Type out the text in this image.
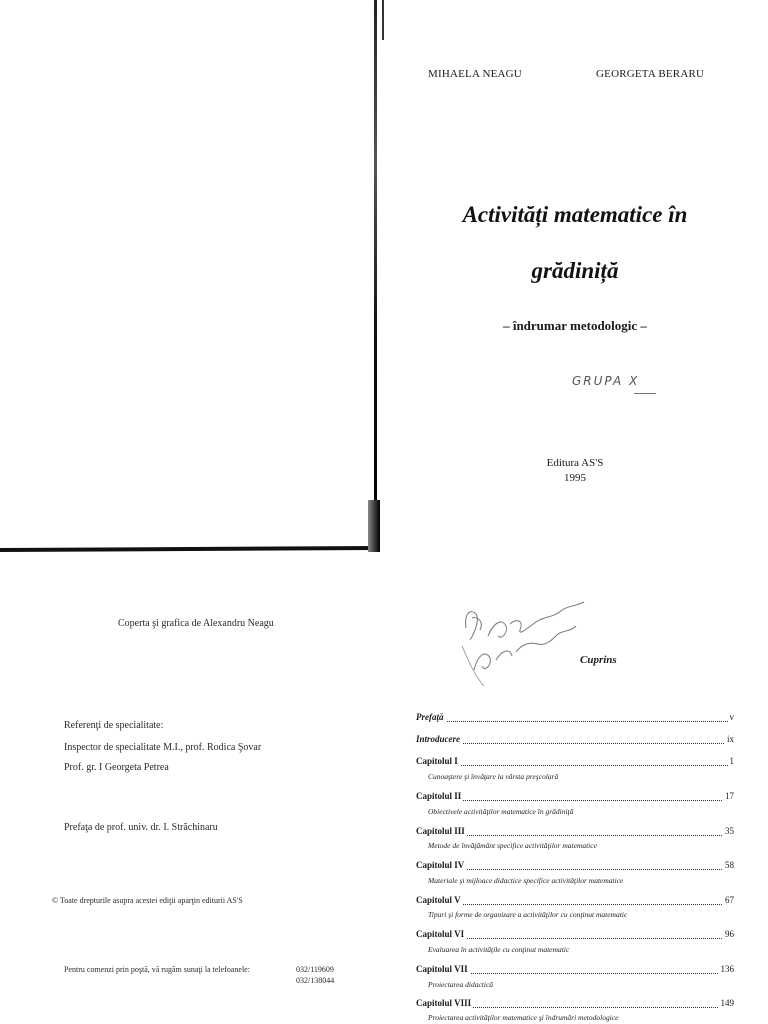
MIHAELA NEAGU	GEORGETA BERARU
Activități matematice în
grădiniță
– îndrumar metodologic –
GRUPA X
Editura AS'S
1995
Coperta şi grafica de Alexandru Neagu
Referenţi de specialitate:
Inspector de specialitate M.I., prof. Rodica Şovar
Prof. gr. I Georgeta Petrea
Prefaţa de prof. univ. dr. I. Străchinaru
© Toate drepturile asupra acestei ediţii aparţin editurii AS'S
Pentru comenzi prin poştă, vă rugăm sunaţi la telefoanele:	032/119609
032/138044
Cuprins
Prefaţă	v
Introducere	ix
Capitolul I	1
Cunoaştere şi învăţare la vârsta preşcolară
Capitolul II	17
Obiectivele activităţilor matematice în grădiniţă
Capitolul III	35
Metode de învăţământ specifice activităţilor matematice
Capitolul IV	58
Materiale şi mijloace didactice specifice activităţilor matematice
Capitolul V	67
Tipuri şi forme de organizare a activităţilor cu conţinut matematic
Capitolul VI	96
Evaluarea în activităţile cu conţinut matematic
Capitolul VII	136
Proiectarea didactică
Capitolul VIII	149
Proiectarea activităţilor matematice şi îndrumări metodologice
